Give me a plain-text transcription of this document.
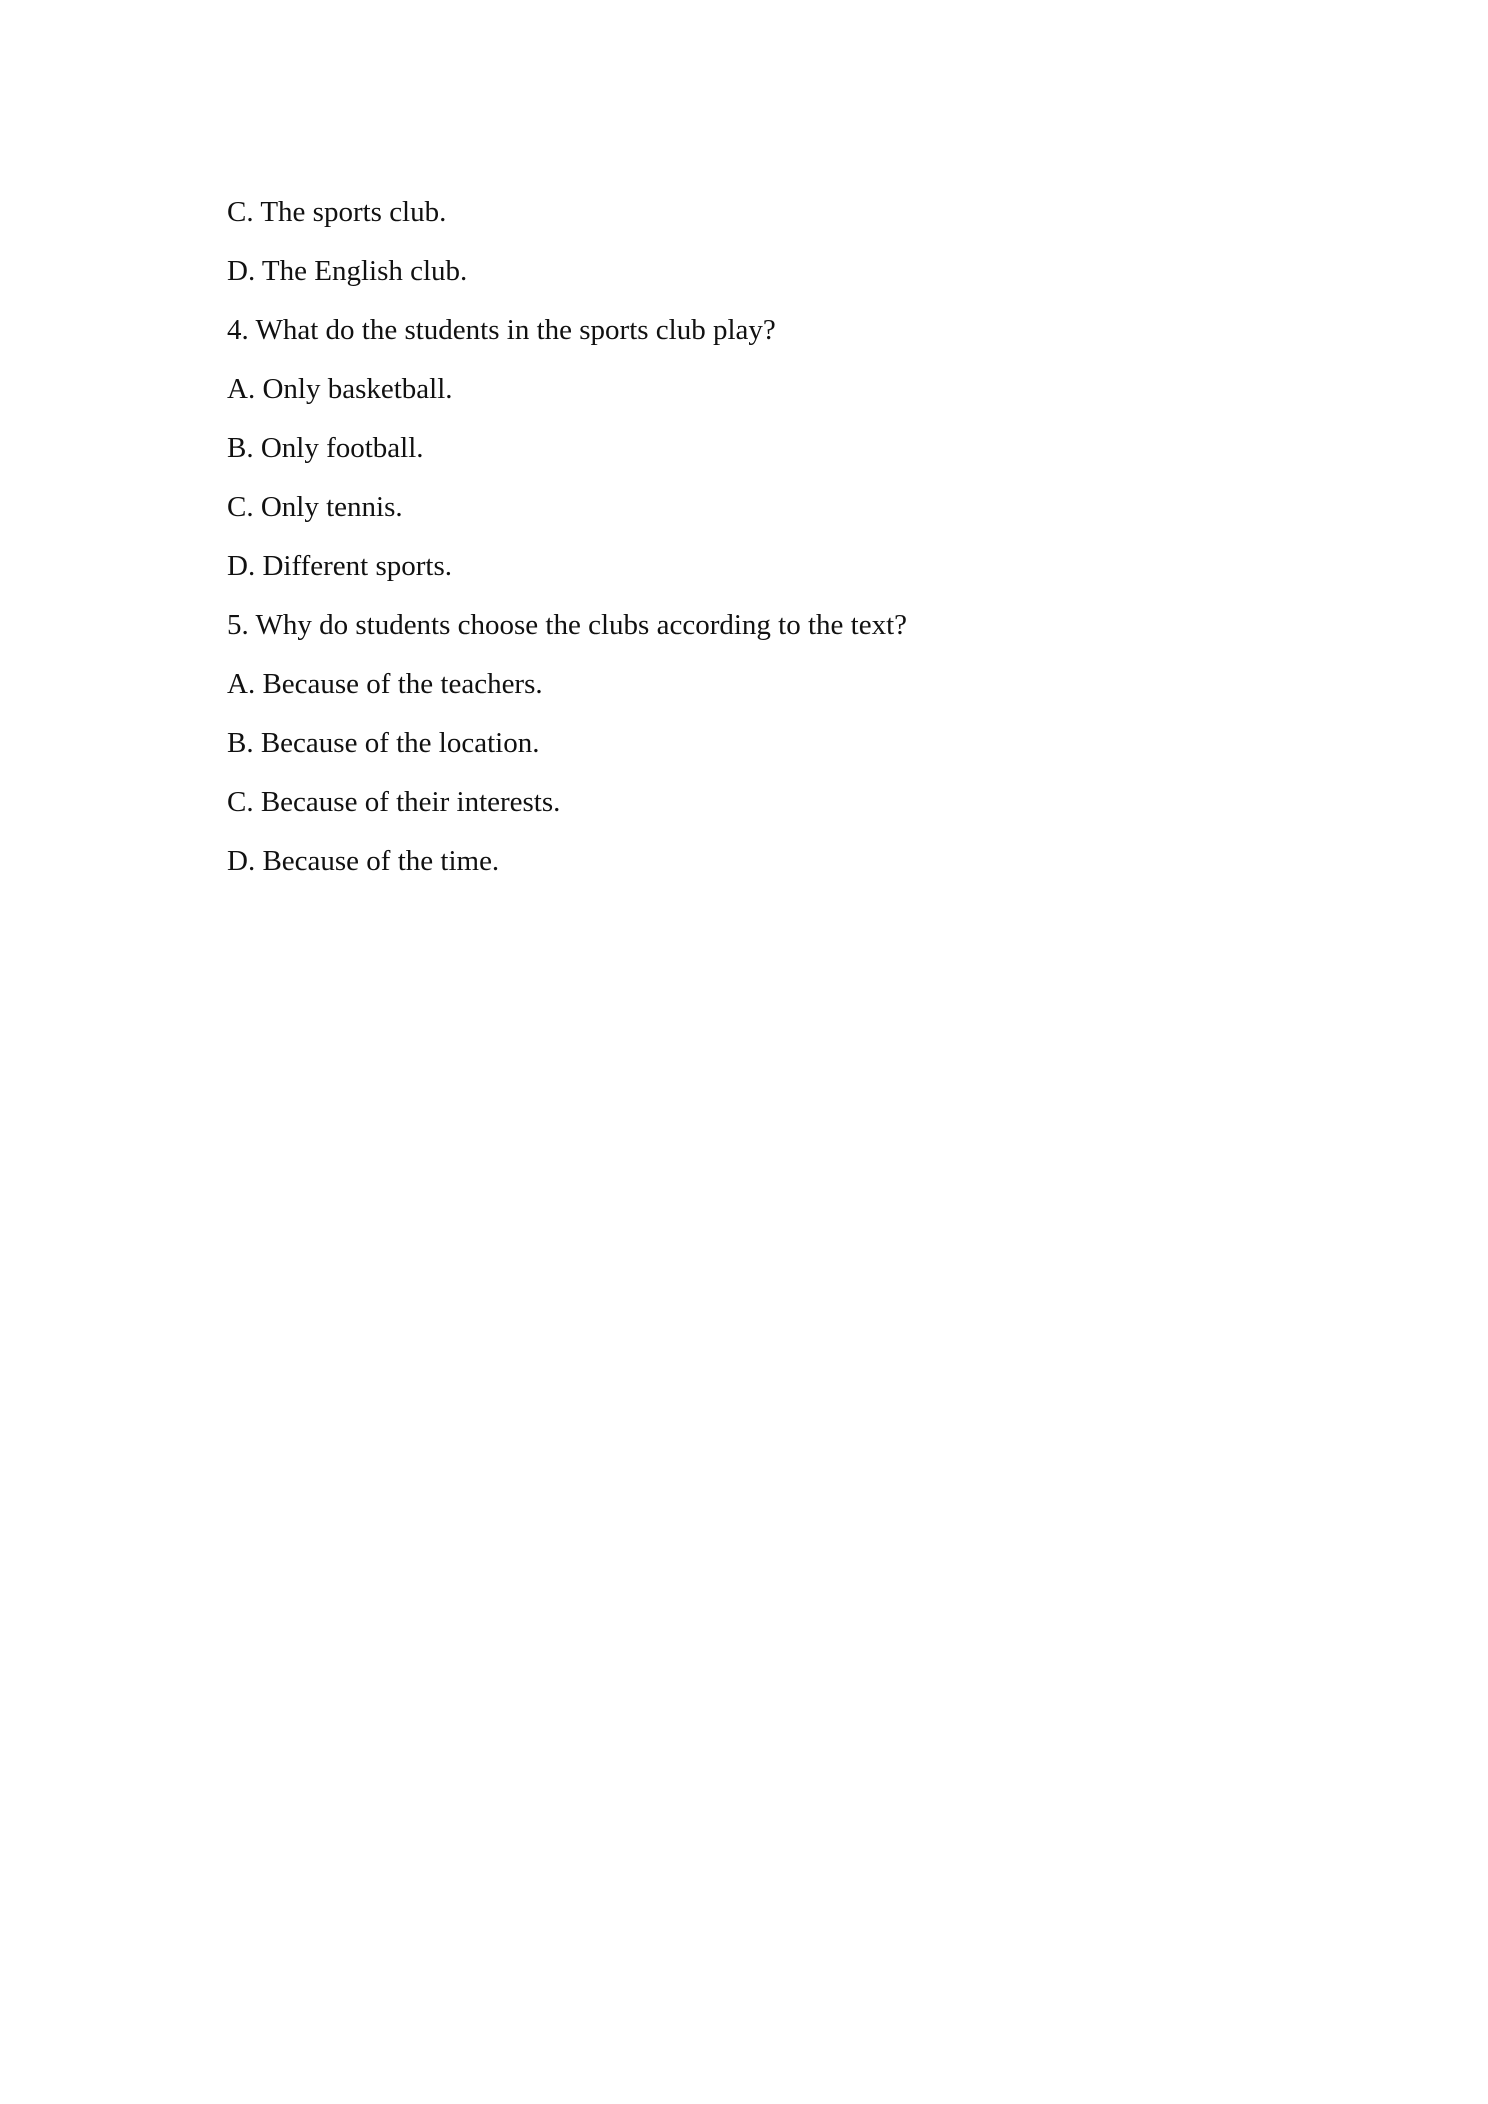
C. The sports club.
D. The English club.
4. What do the students in the sports club play?
A. Only basketball.
B. Only football.
C. Only tennis.
D. Different sports.
5. Why do students choose the clubs according to the text?
A. Because of the teachers.
B. Because of the location.
C. Because of their interests.
D. Because of the time.
